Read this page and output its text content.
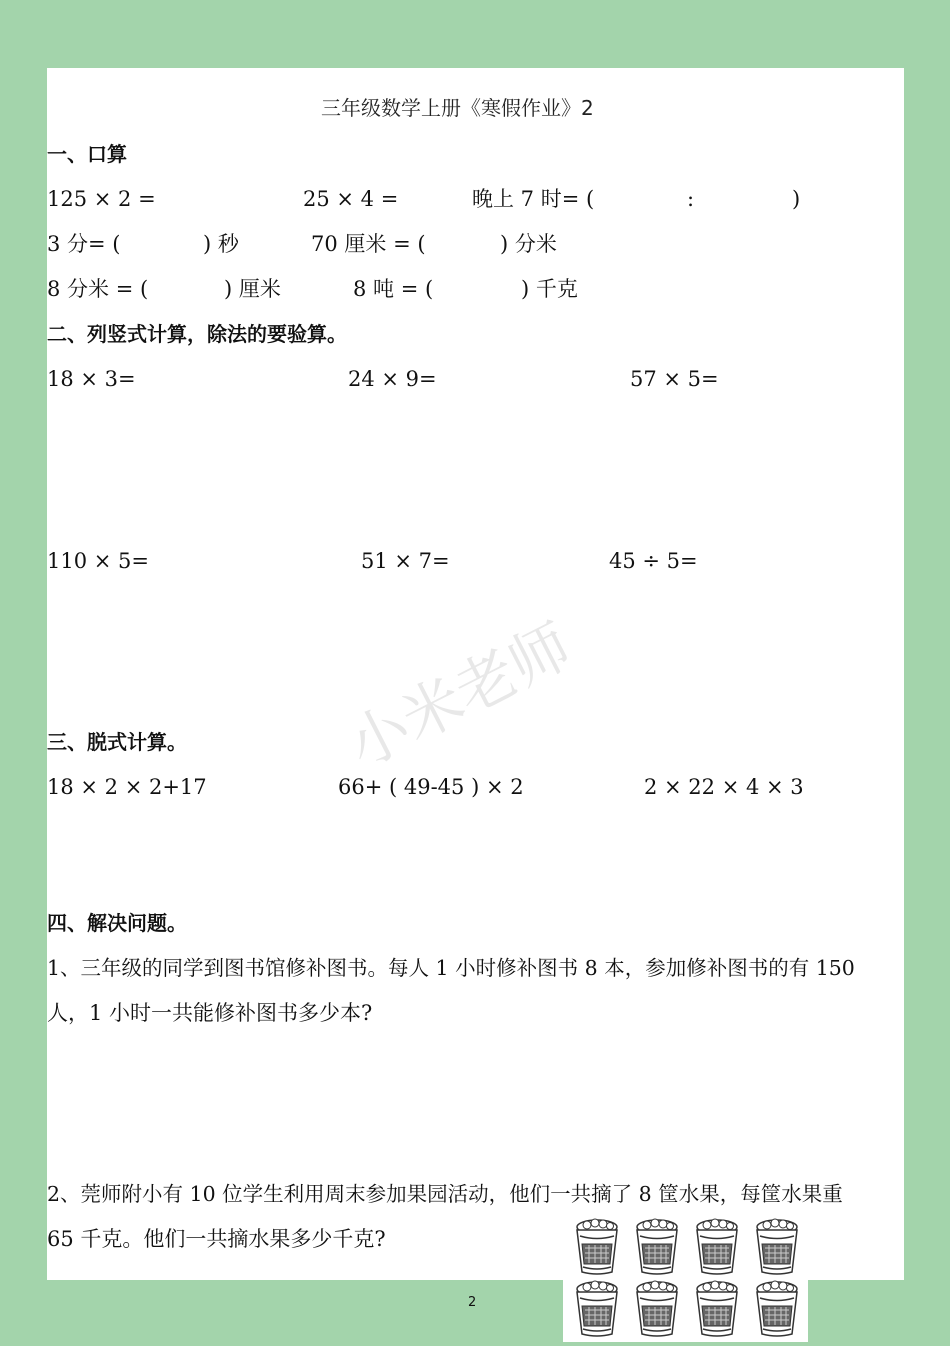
小米老师
三年级数学上册《寒假作业》2
一、口算
125 × 2 =	25 × 4 =	晚上 7 时= (	:	)
3 分= (	) 秒	70 厘米 = (	) 分米
8 分米 = (	) 厘米	8 吨 = (	) 千克
二、列竖式计算，除法的要验算。
18 × 3=	24 × 9=	57 × 5=
110 × 5=	51 × 7=	45 ÷ 5=
三、脱式计算。
18 × 2 × 2+17	66+ ( 49-45 ) × 2	2 × 22 × 4 × 3
四、解决问题。
1、三年级的同学到图书馆修补图书。每人 1 小时修补图书 8 本，参加修补图书的有 150
人，1 小时一共能修补图书多少本?
2、莞师附小有 10 位学生利用周末参加果园活动，他们一共摘了 8 筐水果，每筐水果重
65 千克。他们一共摘水果多少千克?
2
